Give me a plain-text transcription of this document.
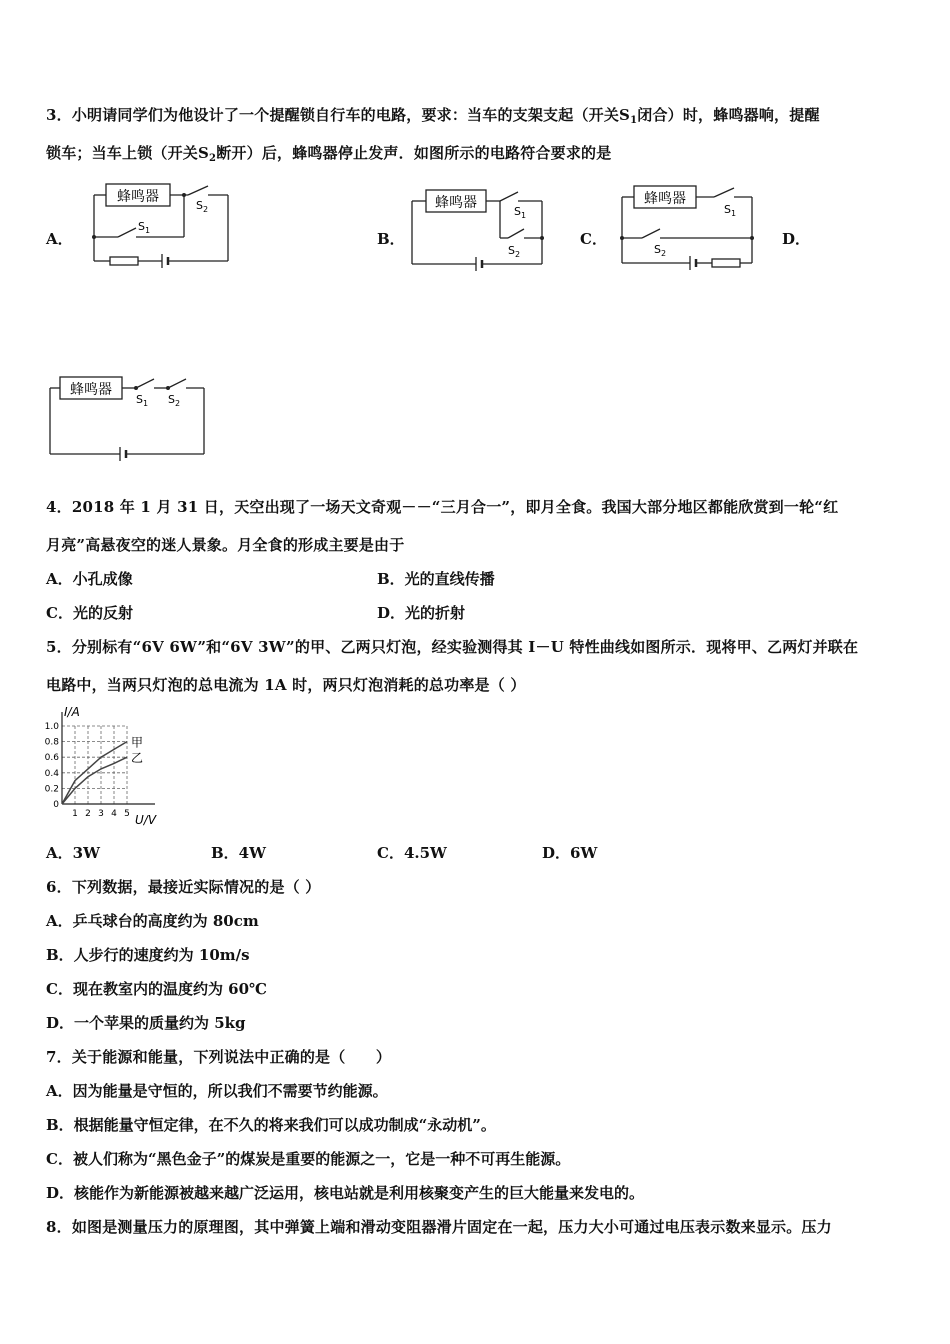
3．小明请同学们为他设计了一个提醒锁自行车的电路，要求：当车的支架支起（开关$S_1$闭合）时，蜂鸣器响，提醒
锁车；当车上锁（开关$S_2$断开）后，蜂鸣器停止发声．如图所示的电路符合要求的是
A．	B．	C．	D．
蜂鸣器
$S_2$
$S_1$
蜂鸣器
$S_1$
$S_2$
蜂鸣器
$S_1$
$S_2$
蜂鸣器
$S_1$ $S_2$
4．2018 年 1 月 31 日，天空出现了一场天文奇观－－“三月合一”，即月全食。我国大部分地区都能欣赏到一轮“红
月亮”高悬夜空的迷人景象。月全食的形成主要是由于
A．小孔成像	B．光的直线传播
C．光的反射	D．光的折射
5．分别标有“6V 6W”和“6V 3W”的甲、乙两只灯泡，经实验测得其 I－U 特性曲线如图所示．现将甲、乙两灯并联在
电路中，当两只灯泡的总电流为 1A 时，两只灯泡消耗的总功率是（ ）
1 2 3 4 5
1.0
0.8
0.6
0.4
0.2
0
甲
乙
I/A
U/V
A．3W	B．4W	C．4.5W	D．6W
6．下列数据，最接近实际情况的是（ ）
A．乒乓球台的高度约为 80cm
B．人步行的速度约为 10m/s
C．现在教室内的温度约为 60℃
D．一个苹果的质量约为 5kg
7．关于能源和能量，下列说法中正确的是（　　）
A．因为能量是守恒的，所以我们不需要节约能源。
B．根据能量守恒定律，在不久的将来我们可以成功制成“永动机”。
C．被人们称为“黑色金子”的煤炭是重要的能源之一，它是一种不可再生能源。
D．核能作为新能源被越来越广泛运用，核电站就是利用核聚变产生的巨大能量来发电的。
8．如图是测量压力的原理图，其中弹簧上端和滑动变阻器滑片固定在一起，压力大小可通过电压表示数来显示。压力
